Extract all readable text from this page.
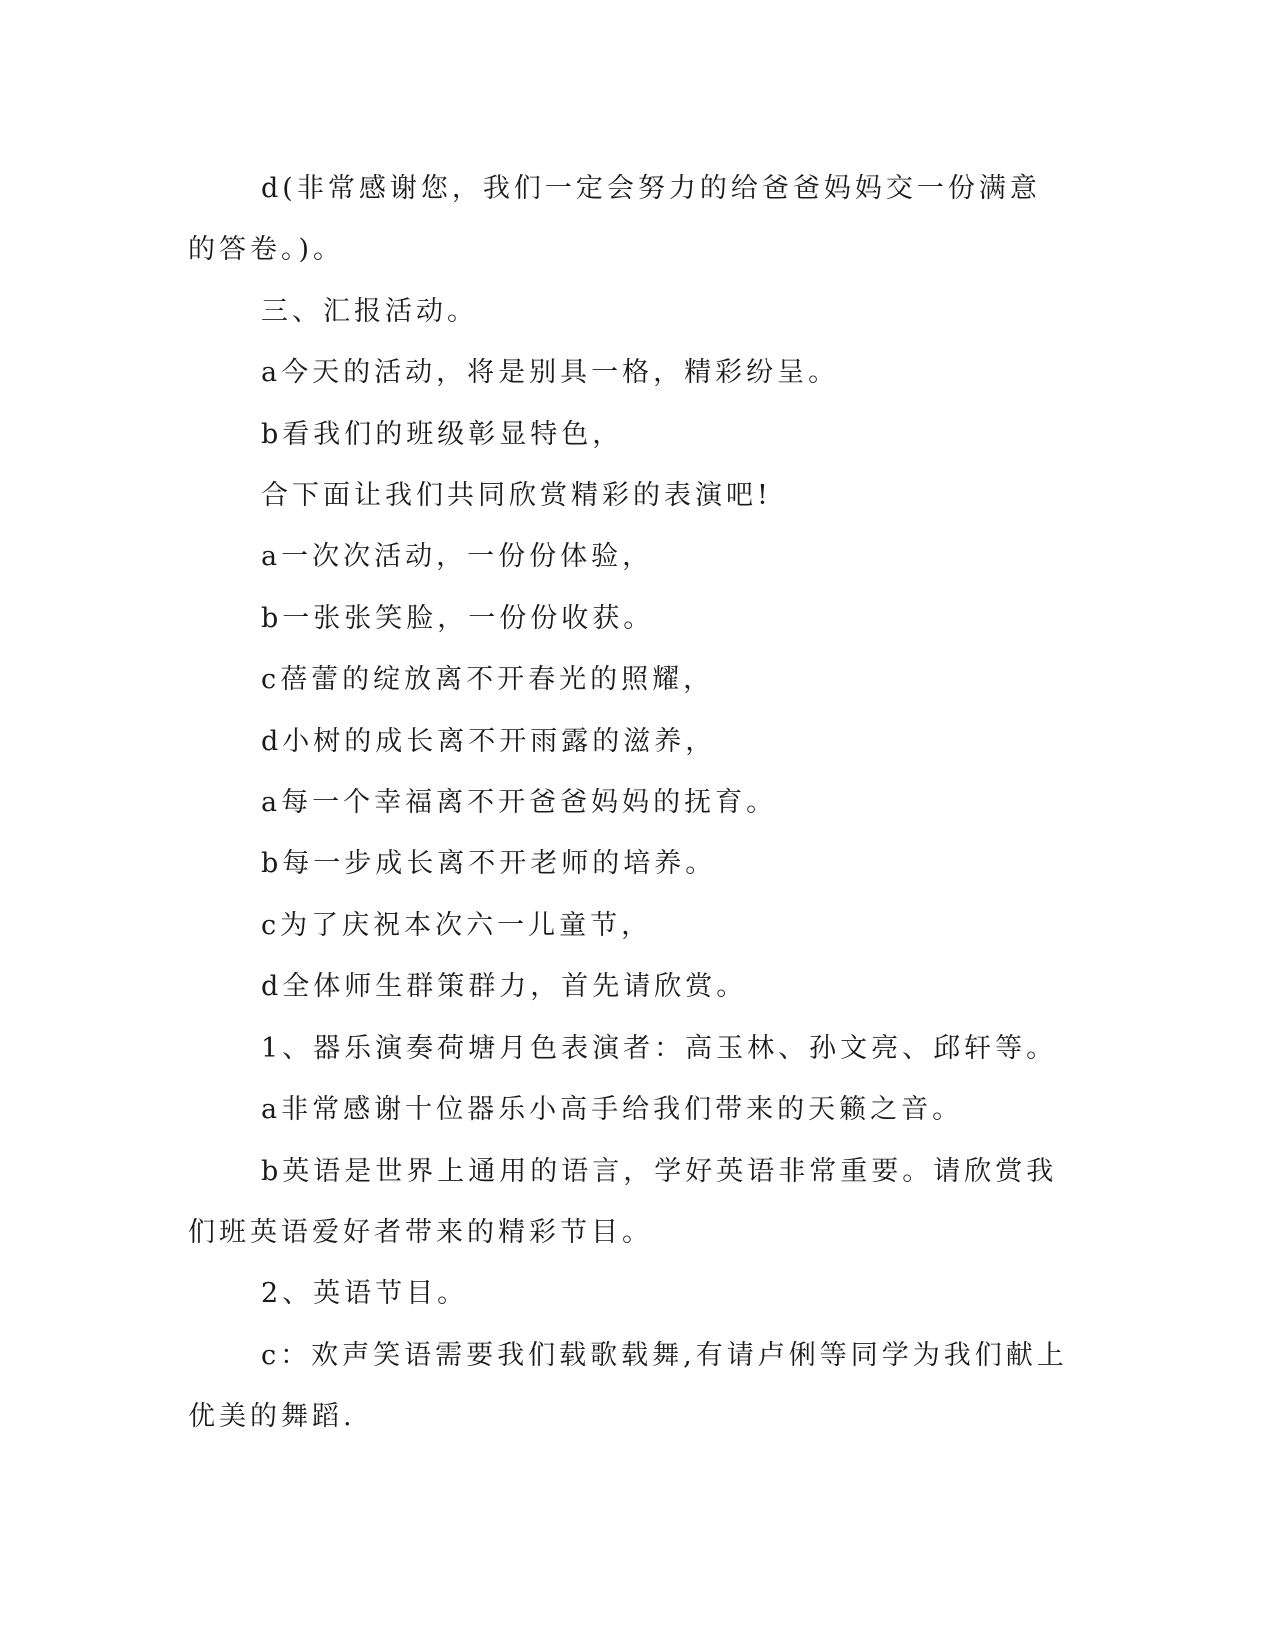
d(非常感谢您，我们一定会努力的给爸爸妈妈交一份满意的答卷。)。

三、汇报活动。

a今天的活动，将是别具一格，精彩纷呈。

b看我们的班级彰显特色，

合下面让我们共同欣赏精彩的表演吧!

a一次次活动，一份份体验，

b一张张笑脸，一份份收获。

c蓓蕾的绽放离不开春光的照耀，

d小树的成长离不开雨露的滋养，

a每一个幸福离不开爸爸妈妈的抚育。

b每一步成长离不开老师的培养。

c为了庆祝本次六一儿童节，

d全体师生群策群力，首先请欣赏。

1、器乐演奏荷塘月色表演者：高玉林、孙文亮、邱轩等。

a非常感谢十位器乐小高手给我们带来的天籁之音。

b英语是世界上通用的语言，学好英语非常重要。请欣赏我们班英语爱好者带来的精彩节目。

2、英语节目。

c：欢声笑语需要我们载歌载舞,有请卢俐等同学为我们献上优美的舞蹈.
